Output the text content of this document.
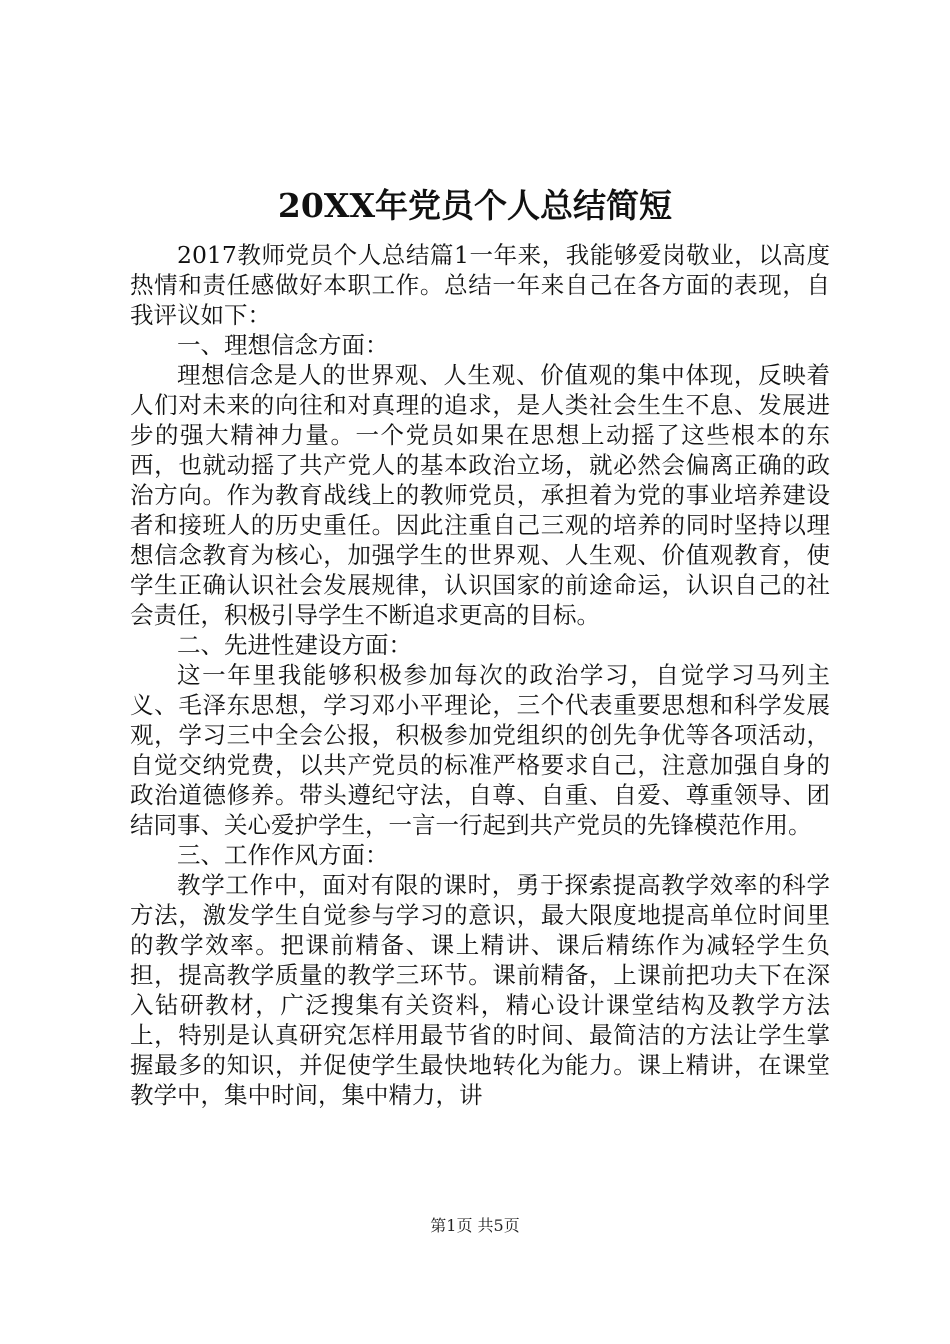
20XX年党员个人总结简短

2017教师党员个人总结篇1一年来，我能够爱岗敬业，以高度热情和责任感做好本职工作。总结一年来自己在各方面的表现，自我评议如下：

一、理想信念方面：

理想信念是人的世界观、人生观、价值观的集中体现，反映着人们对未来的向往和对真理的追求，是人类社会生生不息、发展进步的强大精神力量。一个党员如果在思想上动摇了这些根本的东西，也就动摇了共产党人的基本政治立场，就必然会偏离正确的政治方向。作为教育战线上的教师党员，承担着为党的事业培养建设者和接班人的历史重任。因此注重自己三观的培养的同时坚持以理想信念教育为核心，加强学生的世界观、人生观、价值观教育，使学生正确认识社会发展规律，认识国家的前途命运，认识自己的社会责任，积极引导学生不断追求更高的目标。

二、先进性建设方面：

这一年里我能够积极参加每次的政治学习，自觉学习马列主义、毛泽东思想，学习邓小平理论，三个代表重要思想和科学发展观，学习三中全会公报，积极参加党组织的创先争优等各项活动，自觉交纳党费，以共产党员的标准严格要求自己，注意加强自身的政治道德修养。带头遵纪守法，自尊、自重、自爱、尊重领导、团结同事、关心爱护学生，一言一行起到共产党员的先锋模范作用。

三、工作作风方面：

教学工作中，面对有限的课时，勇于探索提高教学效率的科学方法，激发学生自觉参与学习的意识，最大限度地提高单位时间里的教学效率。把课前精备、课上精讲、课后精练作为减轻学生负担，提高教学质量的教学三环节。课前精备，上课前把功夫下在深入钻研教材，广泛搜集有关资料，精心设计课堂结构及教学方法上，特别是认真研究怎样用最节省的时间、最简洁的方法让学生掌握最多的知识，并促使学生最快地转化为能力。课上精讲，在课堂教学中，集中时间，集中精力，讲

第1页 共5页
